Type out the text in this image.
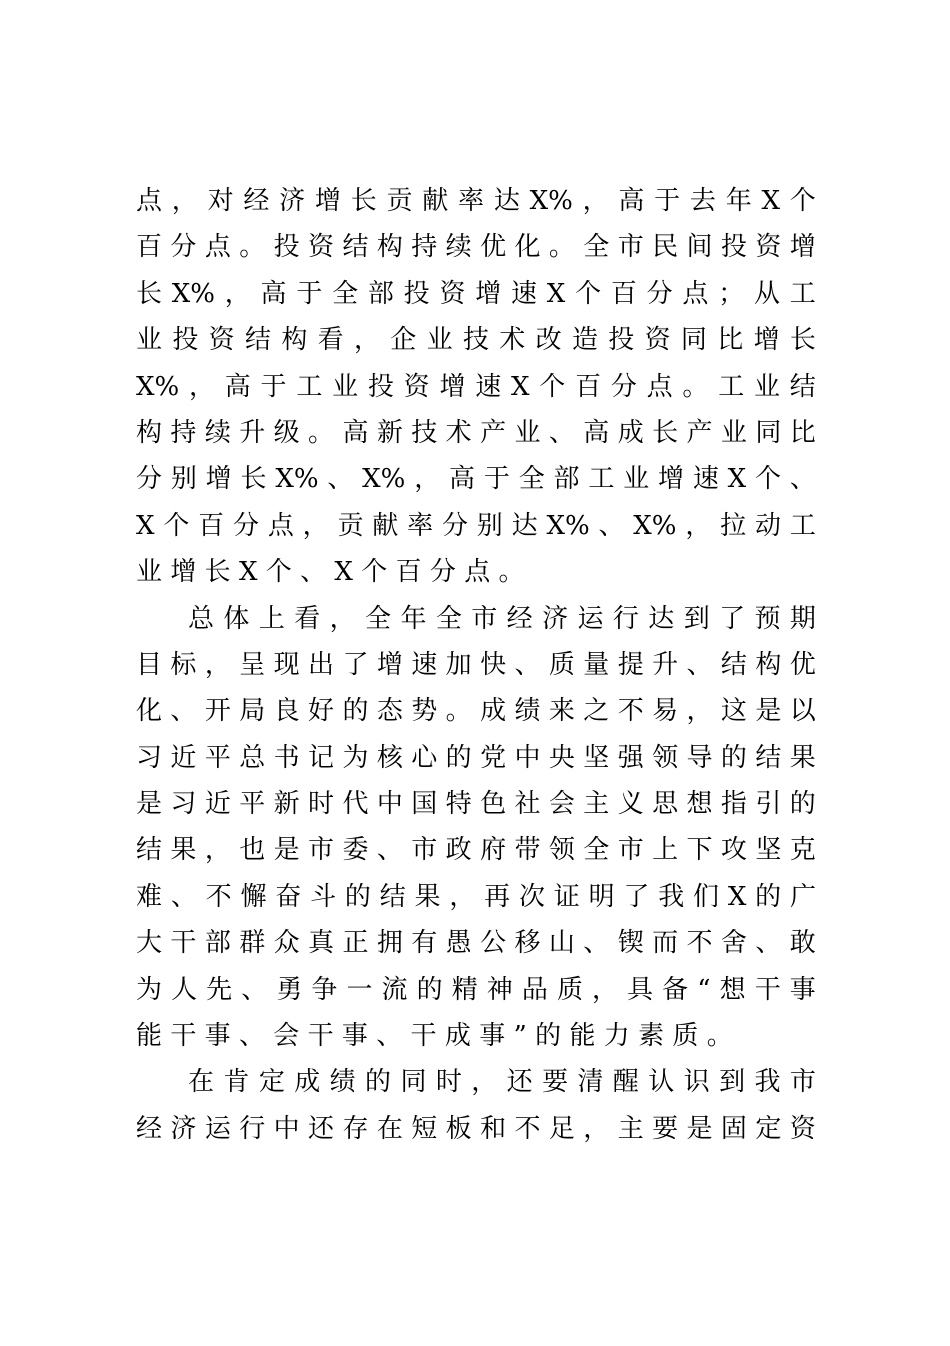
点 ， 对 经 济 增 长 贡 献 率 达 X% ， 高 于 去 年 X 个
百 分 点 。 投 资 结 构 持 续 优 化 。 全 市 民 间 投 资 增
长 X% ， 高 于 全 部 投 资 增 速 X 个 百 分 点 ； 从 工
业 投 资 结 构 看 ， 企 业 技 术 改 造 投 资 同 比 增 长
X% ， 高 于 工 业 投 资 增 速 X 个 百 分 点 。 工 业 结
构 持 续 升 级 。 高 新 技 术 产 业 、 高 成 长 产 业 同 比
分 别 增 长 X% 、 X% ， 高 于 全 部 工 业 增 速 X 个 、
X 个 百 分 点 ， 贡 献 率 分 别 达 X% 、 X% ， 拉 动 工
业增长X个、X个百分点。
总 体 上 看 ， 全 年 全 市 经 济 运 行 达 到 了 预 期
目 标 ， 呈 现 出 了 增 速 加 快 、 质 量 提 升 、 结 构 优
化 、 开 局 良 好 的 态 势 。 成 绩 来 之 不 易 ， 这 是 以
习 近 平 总 书 记 为 核 心 的 党 中 央 坚 强 领 导 的 结 果
是 习 近 平 新 时 代 中 国 特 色 社 会 主 义 思 想 指 引 的
结 果 ， 也 是 市 委 、 市 政 府 带 领 全 市 上 下 攻 坚 克
难 、 不 懈 奋 斗 的 结 果 ， 再 次 证 明 了 我 们 X 的 广
大 干 部 群 众 真 正 拥 有 愚 公 移 山 、 锲 而 不 舍 、 敢
为 人 先 、 勇 争 一 流 的 精 神 品 质 ， 具 备 “ 想 干 事
能干事、会干事、干成事”的能力素质。
在 肯 定 成 绩 的 同 时 ， 还 要 清 醒 认 识 到 我 市
经 济 运 行 中 还 存 在 短 板 和 不 足 ， 主 要 是 固 定 资
